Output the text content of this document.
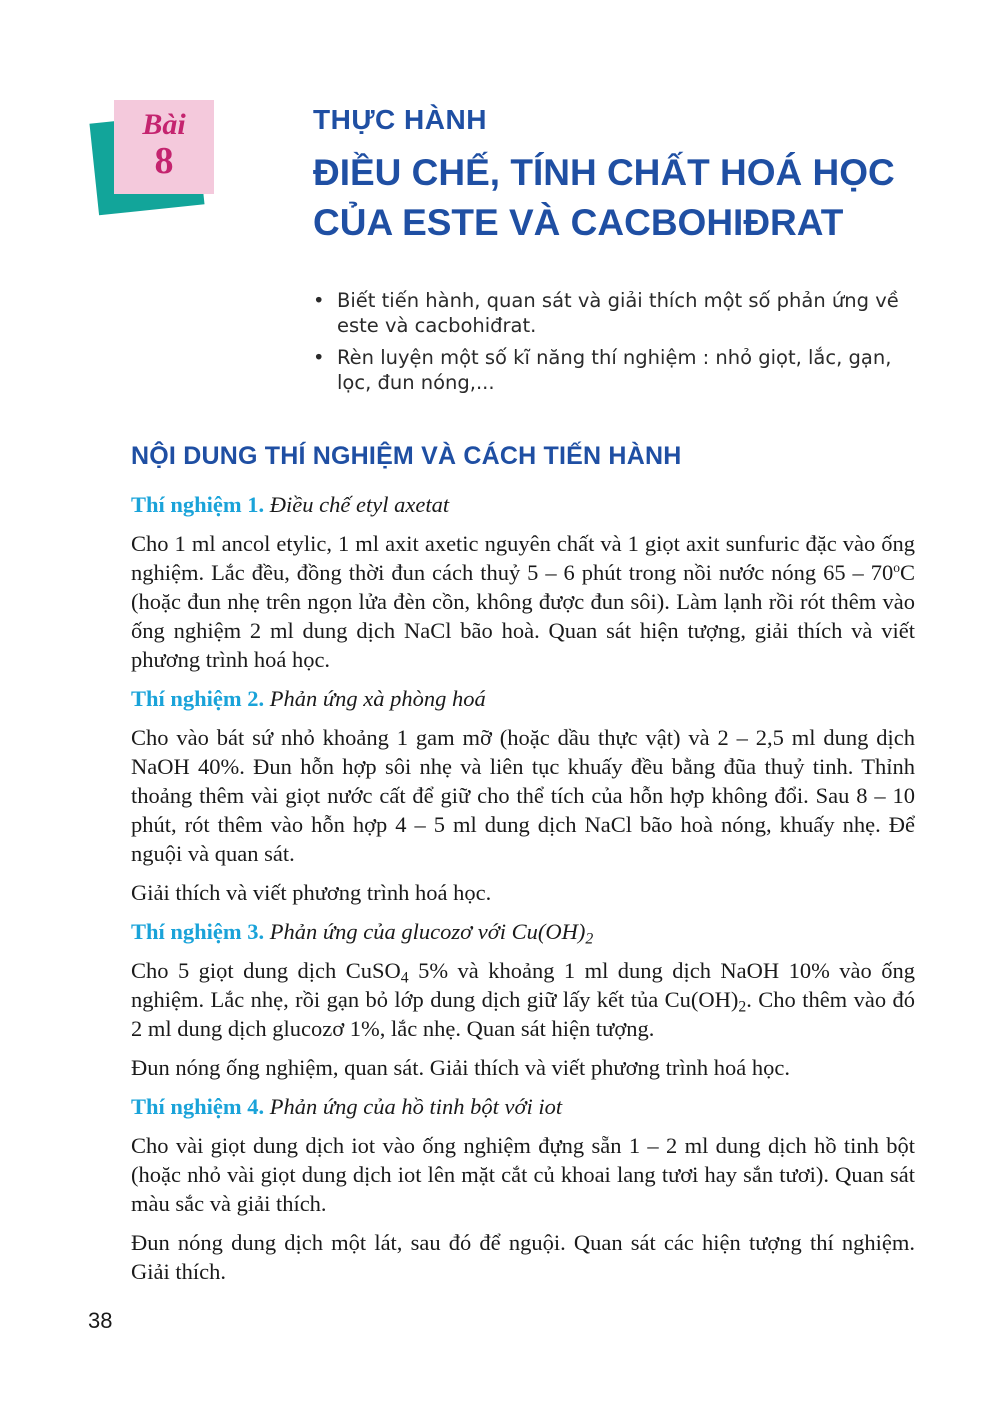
Bài
8
THỰC HÀNH
ĐIỀU CHẾ, TÍNH CHẤT HOÁ HỌC
CỦA ESTE VÀ CACBOHIĐRAT
• Biết tiến hành, quan sát và giải thích một số phản ứng về este và cacbohiđrat.
• Rèn luyện một số kĩ năng thí nghiệm : nhỏ giọt, lắc, gạn, lọc, đun nóng,...
NỘI DUNG THÍ NGHIỆM VÀ CÁCH TIẾN HÀNH
Thí nghiệm 1. Điều chế etyl axetat

Cho 1 ml ancol etylic, 1 ml axit axetic nguyên chất và 1 giọt axit sunfuric đặc vào ống nghiệm. Lắc đều, đồng thời đun cách thuỷ 5 – 6 phút trong nồi nước nóng 65 – 70$^o$C (hoặc đun nhẹ trên ngọn lửa đèn cồn, không được đun sôi). Làm lạnh rồi rót thêm vào ống nghiệm 2 ml dung dịch NaCl bão hoà. Quan sát hiện tượng, giải thích và viết phương trình hoá học.

Thí nghiệm 2. Phản ứng xà phòng hoá

Cho vào bát sứ nhỏ khoảng 1 gam mỡ (hoặc dầu thực vật) và 2 – 2,5 ml dung dịch NaOH 40%. Đun hỗn hợp sôi nhẹ và liên tục khuấy đều bằng đũa thuỷ tinh. Thỉnh thoảng thêm vài giọt nước cất để giữ cho thể tích của hỗn hợp không đổi. Sau 8 – 10 phút, rót thêm vào hỗn hợp 4 – 5 ml dung dịch NaCl bão hoà nóng, khuấy nhẹ. Để nguội và quan sát.

Giải thích và viết phương trình hoá học.

Thí nghiệm 3. Phản ứng của glucozơ với $Cu(OH)_2$

Cho 5 giọt dung dịch CuSO$_4$ 5% và khoảng 1 ml dung dịch NaOH 10% vào ống nghiệm. Lắc nhẹ, rồi gạn bỏ lớp dung dịch giữ lấy kết tủa $Cu(OH)_2$. Cho thêm vào đó 2 ml dung dịch glucozơ 1%, lắc nhẹ. Quan sát hiện tượng.

Đun nóng ống nghiệm, quan sát. Giải thích và viết phương trình hoá học.

Thí nghiệm 4. Phản ứng của hồ tinh bột với iot

Cho vài giọt dung dịch iot vào ống nghiệm đựng sẵn 1 – 2 ml dung dịch hồ tinh bột (hoặc nhỏ vài giọt dung dịch iot lên mặt cắt củ khoai lang tươi hay sắn tươi). Quan sát màu sắc và giải thích.

Đun nóng dung dịch một lát, sau đó để nguội. Quan sát các hiện tượng thí nghiệm. Giải thích.

38
